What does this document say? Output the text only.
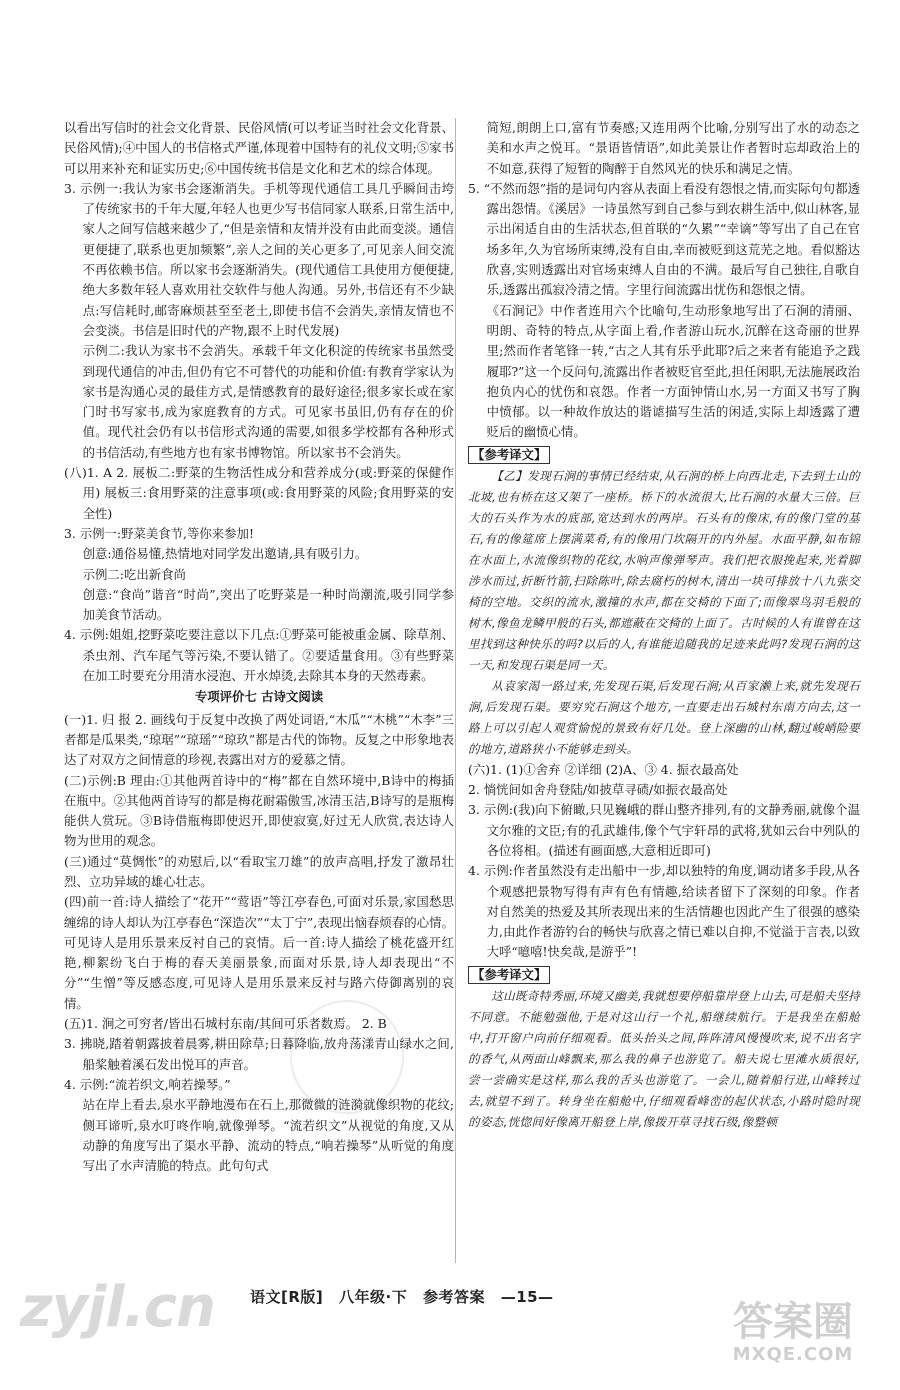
以看出写信时的社会文化背景、民俗风情(可以考证当时社会文化背景、民俗风情);④中国人的书信格式严谨,体现着中国特有的礼仪文明;⑤家书可以用来补充和证实历史;⑥中国传统书信是文化和艺术的综合体现。
3. 示例一:我认为家书会逐渐消失。手机等现代通信工具几乎瞬间击垮了传统家书的千年大厦,年轻人也更少写书信同家人联系,日常生活中,家人之间写信越来越少了,“但是亲情和友情并没有由此而变淡。通信更便捷了,联系也更加频繁”,亲人之间的关心更多了,可见亲人间交流不再依赖书信。所以家书会逐渐消失。(现代通信工具使用方便便捷,绝大多数年轻人喜欢用社交软件与他人沟通。另外,书信还有不少缺点:写信耗时,邮寄麻烦甚至至老土,即使书信不会消失,亲情友情也不会变淡。书信是旧时代的产物,跟不上时代发展)
示例二:我认为家书不会消失。承载千年文化积淀的传统家书虽然受到现代通信的冲击,但仍有它不可替代的功能和价值:有教育学家认为家书是沟通心灵的最佳方式,是情感教育的最好途径;很多家长或在家门时书写家书,成为家庭教育的方式。可见家书虽旧,仍有存在的价值。现代社会仍有以书信形式沟通的需要,如很多学校都有各种形式的书信活动,有些地方也有家书博物馆。所以家书不会消失。
(八)1. A 2. 展板二:野菜的生物活性成分和营养成分(或:野菜的保健作用) 展板三:食用野菜的注意事项(或:食用野菜的风险;食用野菜的安全性)
3. 示例一:野菜美食节,等你来参加!
创意:通俗易懂,热情地对同学发出邀请,具有吸引力。
示例二:吃出新食尚
创意:“食尚”谐音“时尚”,突出了吃野菜是一种时尚潮流,吸引同学参加美食节活动。
4. 示例:姐姐,挖野菜吃要注意以下几点:①野菜可能被重金属、除草剂、杀虫剂、汽车尾气等污染,不要认错了。②要适量食用。③有些野菜在加工时要充分用清水浸泡、开水焯烫,去除其本身的天然毒素。
专项评价七 古诗文阅读
(一)1. 归 报 2. 画线句于反复中改换了两处词语,“木瓜”“木桃”“木李”三者都是瓜果类,“琼琚”“琼瑶”“琼玖”都是古代的饰物。反复之中形象地表达了对双方之间情意的珍视,表露出对方的爱慕之情。
(二)示例:B 理由:①其他两首诗中的“梅”都在自然环境中,B诗中的梅插在瓶中。②其他两首诗写的都是梅花耐霜傲雪,冰清玉洁,B诗写的是瓶梅能供人赏玩。③B诗借瓶梅即使迟开,即使寂寞,好过无人欣赏,表达诗人物为世用的观念。
(三)通过“莫惆怅”的劝慰后,以“看取宝刀雄”的放声高唱,抒发了激昂壮烈、立功异域的雄心壮志。
(四)前一首:诗人描绘了“花开”“莺语”等江亭春色,可面对乐景,家国愁思缠绵的诗人却认为江亭春色“深造次”“太丁宁”,表现出恼春烦春的心情。可见诗人是用乐景来反衬自己的哀情。后一首:诗人描绘了桃花盛开红艳,柳絮纷飞白于梅的春天美丽景象,而面对乐景,诗人却表现出“不分”“生憎”等反感态度,可见诗人是用乐景来反衬与路六侍御离别的哀情。
(五)1. 涧之可穷者/皆出石城村东南/其间可乐者数焉。 2. B
3. 拂晓,踏着朝露披着晨雾,耕田除草;日暮降临,放舟荡漾青山绿水之间,船桨触着溪石发出悦耳的声音。
4. 示例:“流若织文,响若操琴。”
站在岸上看去,泉水平静地漫布在石上,那微微的涟漪就像织物的花纹;侧耳谛听,泉水叮咚作响,就像弹琴。“流若织文”从视觉的角度,又从动静的角度写出了渠水平静、流动的特点,“响若操琴”从听觉的角度写出了水声清脆的特点。此句句式
简短,朗朗上口,富有节奏感;又连用两个比喻,分别写出了水的动态之美和水声之悦耳。“景语皆情语”,如此美景让作者暂时忘却政治上的不如意,获得了短暂的陶醉于自然风光的快乐和满足之情。
5. “不然而怨”指的是词句内容从表面上看没有怨恨之情,而实际句句都透露出怨情。《溪居》一诗虽然写到自己参与到农耕生活中,似山林客,显示出闲适自由的生活状态,但首联的“久累”“幸谪”等写出了自己在官场多年,久为官场所束缚,没有自由,幸而被贬到这荒芜之地。看似豁达欣喜,实则透露出对官场束缚人自由的不满。最后写自己独往,自歌自乐,透露出孤寂冷清之情。字里行间流露出忧伤和怨恨之情。
《石涧记》中作者连用六个比喻句,生动形象地写出了石涧的清丽、明朗、奇特的特点,从字面上看,作者游山玩水,沉醉在这奇丽的世界里;然而作者笔锋一转,“古之人其有乐乎此耶?后之来者有能追予之践履耶?”这一个反问句,流露出作者被贬官至此,担任闲职,无法施展政治抱负内心的忧伤和哀怨。作者一方面钟情山水,另一方面又书写了胸中愤郁。以一种故作放达的谐谑描写生活的闲适,实际上却透露了遭贬后的幽愤心情。
【参考译文】
【乙】发现石涧的事情已经结束,从石涧的桥上向西北走,下去到土山的北坡,也有桥在这又架了一座桥。桥下的水流很大,比石涧的水量大三倍。巨大的石头作为水的底部,宽达到水的两岸。石头有的像床,有的像门堂的基石,有的像筵席上摆满菜肴,有的像用门坎隔开的内外屋。水面平静,如布锦在水面上,水流像织物的花纹,水响声像弹琴声。我们把衣服挽起来,光着脚涉水而过,折断竹箭,扫除陈叶,除去腐朽的树木,清出一块可排放十八九张交椅的空地。交织的流水,激撞的水声,都在交椅的下面了;而像翠鸟羽毛般的树木,像鱼龙鳞甲般的石头,都遮蔽在交椅的上面了。古时候的人有谁曾在这里找到这种快乐的吗?以后的人,有谁能追随我的足迹来此吗?发现石涧的这一天,和发现石渠是同一天。
从袁家渴一路过来,先发现石渠,后发现石涧;从百家濑上来,就先发现石涧,后发现石渠。要穷究石涧这个地方,一直要走出石城村东南方向去,这一路上可以引起人观赏愉悦的景致有好几处。登上深幽的山林,翻过峻峭险要的地方,道路狭小不能够走到头。
(六)1. (1)①舍弃 ②详细 (2)A、③ 4. 振衣最高处
2. 惝恍间如舍舟登陆/如披草寻碛/如振衣最高处
3. 示例:(我)向下俯瞰,只见巍峨的群山整齐排列,有的文静秀丽,就像个温文尔雅的文臣;有的孔武雄伟,像个气宇轩昂的武将,犹如云台中列队的各位将相。(描述有画面感,大意相近即可)
4. 示例:作者虽然没有走出船中一步,却以独特的角度,调动诸多手段,从各个观感把景物写得有声有色有情趣,给读者留下了深刻的印象。作者对自然美的热爱及其所表现出来的生活情趣也因此产生了很强的感染力,由此作者游钓台的畅快与欣喜之情已难以自抑,不觉溢于言表,以致大呼“噫嘻!快矣哉,是游乎”!
【参考译文】
这山既奇特秀丽,环境又幽美,我就想要停船靠岸登上山去,可是船夫坚持不同意。不能勉强他,于是对这山行一个礼,船继续航行。于是我坐在船舱中,打开窗户向前仔细观看。低头抬头之间,阵阵清风慢慢吹来,说不出名字的香气,从两面山峰飘来,那么我的鼻子也游览了。船夫说七里滩水质很好,尝一尝确实是这样,那么我的舌头也游览了。一会儿,随着船行进,山峰转过去,就望不到了。转身坐在船舱中,仔细观看峰峦的起伏状态,小路时隐时现的姿态,恍惚间好像离开船登上岸,像拨开草寻找石级,像整顿
zyjl.cn	答案圈
MXQE.COM
语文[R版] 八年级·下 参考答案 —15—
